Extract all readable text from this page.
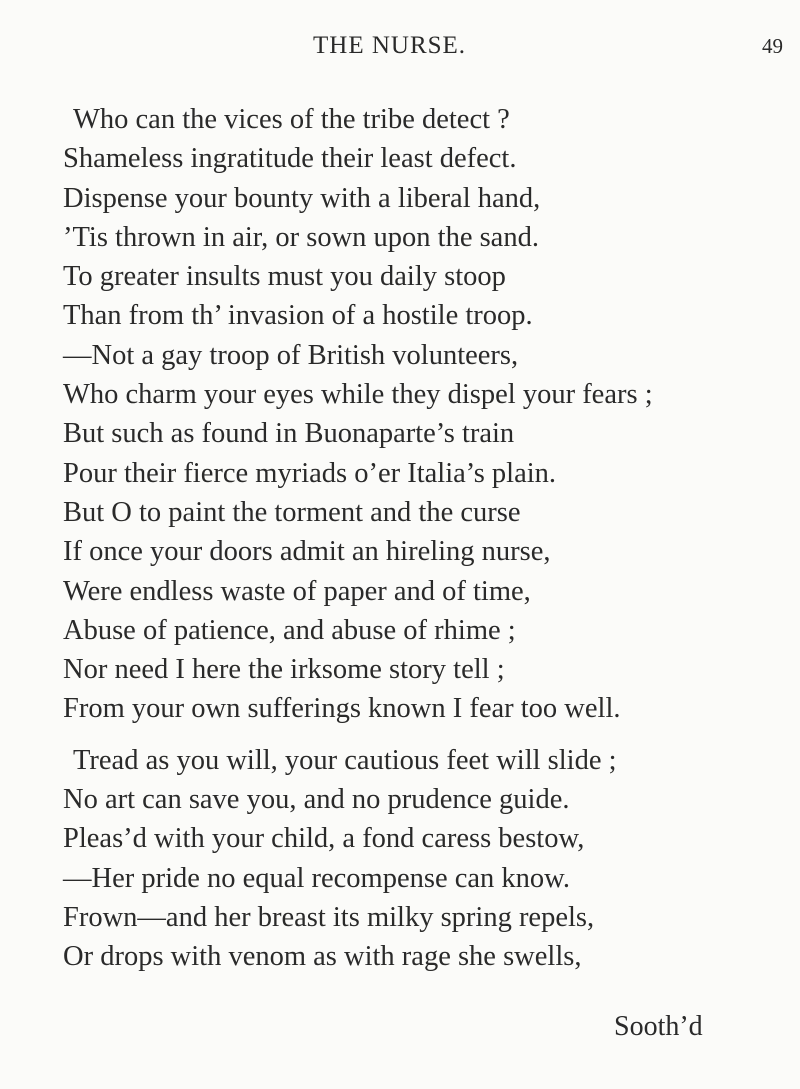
THE NURSE.	49
Who can the vices of the tribe detect ?
Shameless ingratitude their least defect.
Dispense your bounty with a liberal hand,
’Tis thrown in air, or sown upon the sand.
To greater insults must you daily stoop
Than from th’ invasion of a hostile troop.
—Not a gay troop of British volunteers,
Who charm your eyes while they dispel your fears ;
But such as found in Buonaparte’s train
Pour their fierce myriads o’er Italia’s plain.
But O to paint the torment and the curse
If once your doors admit an hireling nurse,
Were endless waste of paper and of time,
Abuse of patience, and abuse of rhime ;
Nor need I here the irksome story tell ;
From your own sufferings known I fear too well.
Tread as you will, your cautious feet will slide ;
No art can save you, and no prudence guide.
Pleas’d with your child, a fond caress bestow,
—Her pride no equal recompense can know.
Frown—and her breast its milky spring repels,
Or drops with venom as with rage she swells,
Sooth’d
